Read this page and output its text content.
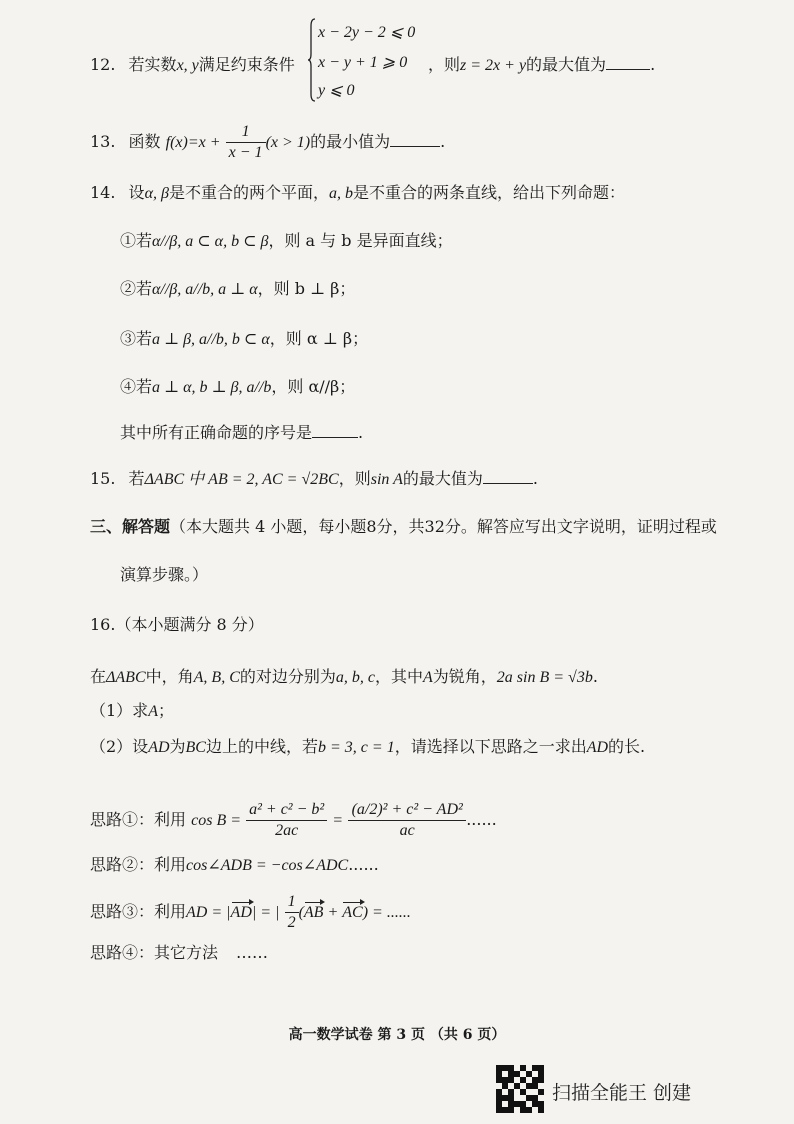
12. 若实数x, y满足约束条件
x − 2y − 2 ⩽ 0
x − y + 1 ⩾ 0
y ⩽ 0
，则z = 2x + y的最大值为	.
13. 函数 $f(x)=x + \frac{1}{x - 1} (x > 1)$的最小值为	.
14. 设α, β是不重合的两个平面，a, b是不重合的两条直线，给出下列命题：
①若α//β, a ⊂ α, b ⊂ β，则 a 与 b 是异面直线；
②若α//β, a//b, a ⊥ α，则 b ⊥ β；
③若a ⊥ β, a//b, b ⊂ α，则 α ⊥ β；
④若a ⊥ α, b ⊥ β, a//b，则 α//β；
其中所有正确命题的序号是	.
15. 若ΔABC 中 AB = 2, AC = √2BC，则sin A的最大值为	.
三、解答题（本大题共 4 小题，每小题8分，共32分。解答应写出文字说明，证明过程或
演算步骤。）
16.（本小题满分 8 分）
在ΔABC中，角A, B, C的对边分别为a, b, c，其中A为锐角，2a sin B = √3b.
（1）求A；
（2）设AD为BC边上的中线，若b = 3, c = 1，请选择以下思路之一求出AD的长.
思路①：利用 $\cos B = \frac{\text{a² + c² − b²}}{2ac} = \frac{\text{(a/2)² + c² − AD²}}{ac}$ ......
思路②：利用cos∠ADB = −cos∠ADC......
思路③：利用AD = |AD| = | $\frac{1}{2} (AB + AC)$ = ......
思路④：其它方法 ……
高一数学试卷 第 3 页 （共 6 页）
扫描全能王 创建
